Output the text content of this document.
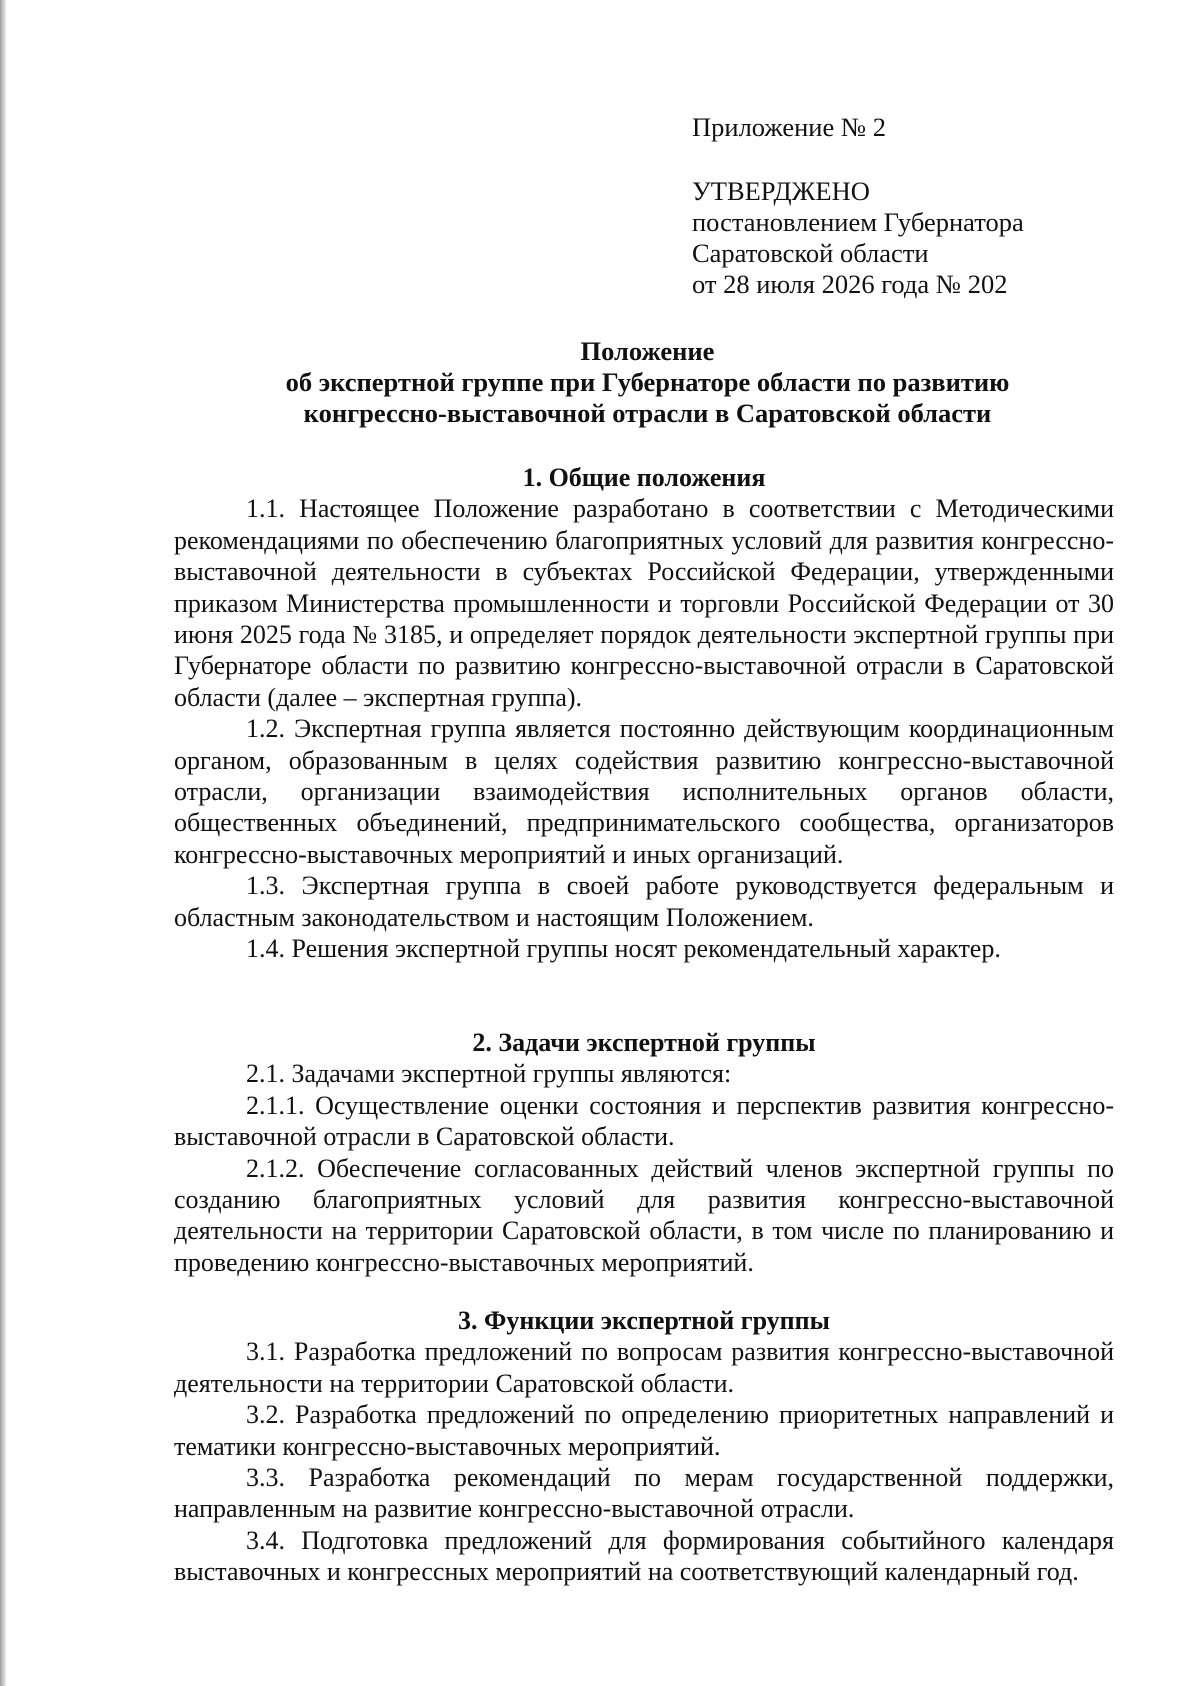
Приложение № 2
УТВЕРДЖЕНО
постановлением Губернатора
Саратовской области
от 28 июля 2026 года № 202
Положение
об экспертной группе при Губернаторе области по развитию
конгрессно-выставочной отрасли в Саратовской области
1. Общие положения

1.1. Настоящее Положение разработано в соответствии с Методическими рекомендациями по обеспечению благоприятных условий для развития конгрессно-выставочной деятельности в субъектах Российской Федерации, утвержденными приказом Министерства промышленности и торговли Российской Федерации от 30 июня 2025 года № 3185, и определяет порядок деятельности экспертной группы при Губернаторе области по развитию конгрессно-выставочной отрасли в Саратовской области (далее – экспертная группа).

1.2. Экспертная группа является постоянно действующим координационным органом, образованным в целях содействия развитию конгрессно-выставочной отрасли, организации взаимодействия исполнительных органов области, общественных объединений, предпринимательского сообщества, организаторов конгрессно-выставочных мероприятий и иных организаций.

1.3. Экспертная группа в своей работе руководствуется федеральным и областным законодательством и настоящим Положением.

1.4. Решения экспертной группы носят рекомендательный характер.

2. Задачи экспертной группы

2.1. Задачами экспертной группы являются:

2.1.1. Осуществление оценки состояния и перспектив развития конгрессно-выставочной отрасли в Саратовской области.

2.1.2. Обеспечение согласованных действий членов экспертной группы по созданию благоприятных условий для развития конгрессно-выставочной деятельности на территории Саратовской области, в том числе по планированию и проведению конгрессно-выставочных мероприятий.

3. Функции экспертной группы

3.1. Разработка предложений по вопросам развития конгрессно-выставочной деятельности на территории Саратовской области.

3.2. Разработка предложений по определению приоритетных направлений и тематики конгрессно-выставочных мероприятий.

3.3. Разработка рекомендаций по мерам государственной поддержки, направленным на развитие конгрессно-выставочной отрасли.

3.4. Подготовка предложений для формирования событийного календаря выставочных и конгрессных мероприятий на соответствующий календарный год.
